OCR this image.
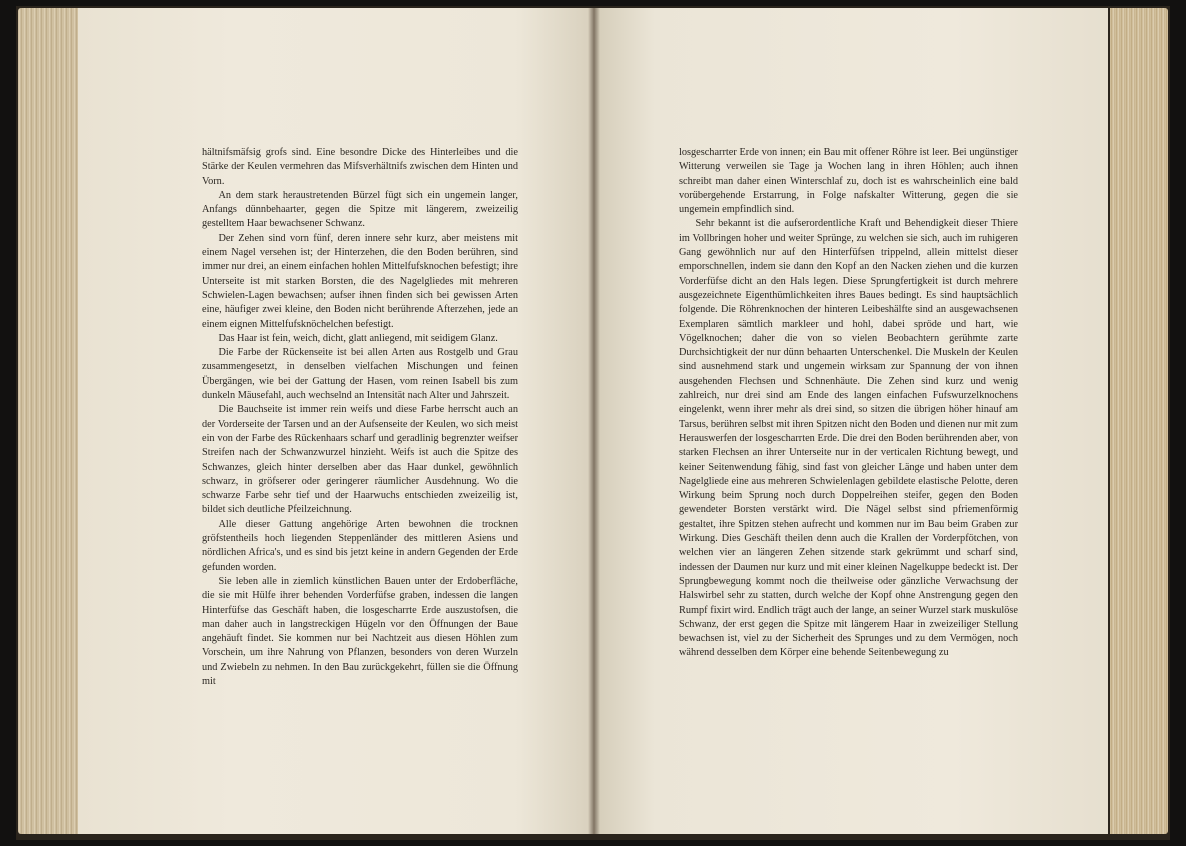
hältnifsmäfsig grofs sind. Eine besondre Dicke des Hinterleibes und die Stärke der Keulen vermehren das Mifsverhältnifs zwischen dem Hinten und Vorn.

An dem stark heraustretenden Bürzel fügt sich ein ungemein langer, Anfangs dünnbehaarter, gegen die Spitze mit längerem, zweizeilig gestelltem Haar bewachsener Schwanz.

Der Zehen sind vorn fünf, deren innere sehr kurz, aber meistens mit einem Nagel versehen ist; der Hinterzehen, die den Boden berühren, sind immer nur drei, an einem einfachen hohlen Mittelfufsknochen befestigt; ihre Unterseite ist mit starken Borsten, die des Nagelgliedes mit mehreren Schwielen-Lagen bewachsen; aufser ihnen finden sich bei gewissen Arten eine, häufiger zwei kleine, den Boden nicht berührende Afterzehen, jede an einem eignen Mittelfufsknöchelchen befestigt.

Das Haar ist fein, weich, dicht, glatt anliegend, mit seidigem Glanz.

Die Farbe der Rückenseite ist bei allen Arten aus Rostgelb und Grau zusammengesetzt, in denselben vielfachen Mischungen und feinen Übergängen, wie bei der Gattung der Hasen, vom reinen Isabell bis zum dunkeln Mäusefahl, auch wechselnd an Intensität nach Alter und Jahrszeit.

Die Bauchseite ist immer rein weifs und diese Farbe herrscht auch an der Vorderseite der Tarsen und an der Aufsenseite der Keulen, wo sich meist ein von der Farbe des Rückenhaars scharf und geradlinig begrenzter weifser Streifen nach der Schwanzwurzel hinzieht. Weifs ist auch die Spitze des Schwanzes, gleich hinter derselben aber das Haar dunkel, gewöhnlich schwarz, in gröfserer oder geringerer räumlicher Ausdehnung. Wo die schwarze Farbe sehr tief und der Haarwuchs entschieden zweizeilig ist, bildet sich deutliche Pfeilzeichnung.

Alle dieser Gattung angehörige Arten bewohnen die trocknen gröfstentheils hoch liegenden Steppenländer des mittleren Asiens und nördlichen Africa's, und es sind bis jetzt keine in andern Gegenden der Erde gefunden worden.

Sie leben alle in ziemlich künstlichen Bauen unter der Erdoberfläche, die sie mit Hülfe ihrer behenden Vorderfüfse graben, indessen die langen Hinterfüfse das Geschäft haben, die losgescharrte Erde auszustofsen, die man daher auch in langstreckigen Hügeln vor den Öffnungen der Baue angehäuft findet. Sie kommen nur bei Nachtzeit aus diesen Höhlen zum Vorschein, um ihre Nahrung von Pflanzen, besonders von deren Wurzeln und Zwiebeln zu nehmen. In den Bau zurückgekehrt, füllen sie die Öffnung mit

losgescharrter Erde von innen; ein Bau mit offener Röhre ist leer. Bei ungünstiger Witterung verweilen sie Tage ja Wochen lang in ihren Höhlen; auch ihnen schreibt man daher einen Winterschlaf zu, doch ist es wahrscheinlich eine bald vorübergehende Erstarrung, in Folge nafskalter Witterung, gegen die sie ungemein empfindlich sind.

Sehr bekannt ist die aufserordentliche Kraft und Behendigkeit dieser Thiere im Vollbringen hoher und weiter Sprünge, zu welchen sie sich, auch im ruhigeren Gang gewöhnlich nur auf den Hinterfüfsen trippelnd, allein mittelst dieser emporschnellen, indem sie dann den Kopf an den Nacken ziehen und die kurzen Vorderfüfse dicht an den Hals legen. Diese Sprungfertigkeit ist durch mehrere ausgezeichnete Eigenthümlichkeiten ihres Baues bedingt. Es sind hauptsächlich folgende. Die Röhrenknochen der hinteren Leibeshälfte sind an ausgewachsenen Exemplaren sämtlich markleer und hohl, dabei spröde und hart, wie Vögelknochen; daher die von so vielen Beobachtern gerühmte zarte Durchsichtigkeit der nur dünn behaarten Unterschenkel. Die Muskeln der Keulen sind ausnehmend stark und ungemein wirksam zur Spannung der von ihnen ausgehenden Flechsen und Schnenhäute. Die Zehen sind kurz und wenig zahlreich, nur drei sind am Ende des langen einfachen Fufswurzelknochens eingelenkt, wenn ihrer mehr als drei sind, so sitzen die übrigen höher hinauf am Tarsus, berühren selbst mit ihren Spitzen nicht den Boden und dienen nur mit zum Herauswerfen der losgescharrten Erde. Die drei den Boden berührenden aber, von starken Flechsen an ihrer Unterseite nur in der verticalen Richtung bewegt, und keiner Seitenwendung fähig, sind fast von gleicher Länge und haben unter dem Nagelgliede eine aus mehreren Schwielenlagen gebildete elastische Pelotte, deren Wirkung beim Sprung noch durch Doppelreihen steifer, gegen den Boden gewendeter Borsten verstärkt wird. Die Nägel selbst sind pfriemenförmig gestaltet, ihre Spitzen stehen aufrecht und kommen nur im Bau beim Graben zur Wirkung. Dies Geschäft theilen denn auch die Krallen der Vorderpfötchen, von welchen vier an längeren Zehen sitzende stark gekrümmt und scharf sind, indessen der Daumen nur kurz und mit einer kleinen Nagelkuppe bedeckt ist. Der Sprungbewegung kommt noch die theilweise oder gänzliche Verwachsung der Halswirbel sehr zu statten, durch welche der Kopf ohne Anstrengung gegen den Rumpf fixirt wird. Endlich trägt auch der lange, an seiner Wurzel stark muskulöse Schwanz, der erst gegen die Spitze mit längerem Haar in zweizeiliger Stellung bewachsen ist, viel zu der Sicherheit des Sprunges und zu dem Vermögen, noch während desselben dem Körper eine behende Seitenbewegung zu
